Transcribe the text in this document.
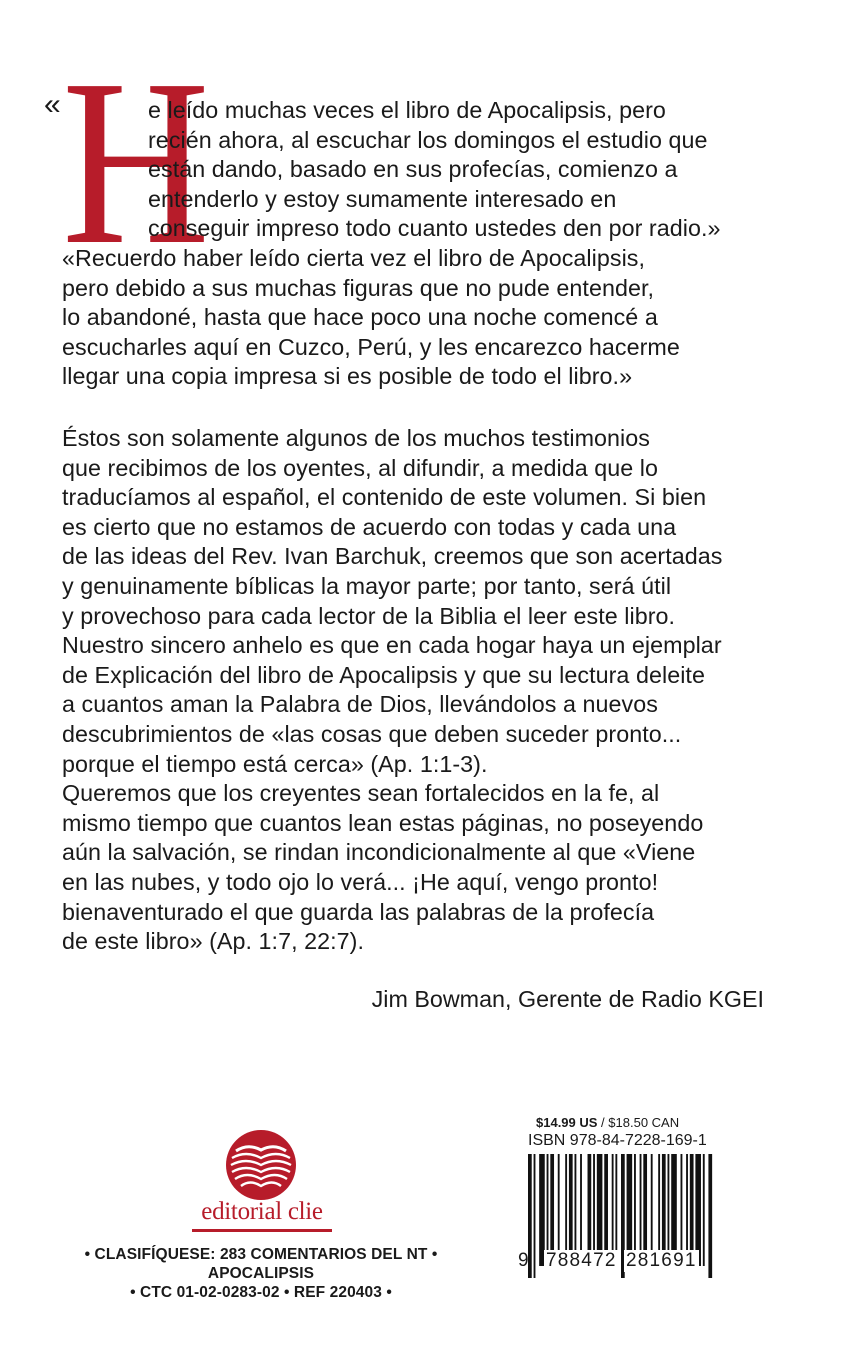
« H
e leído muchas veces el libro de Apocalipsis, pero
recién ahora, al escuchar los domingos el estudio que
están dando, basado en sus profecías, comienzo a
entenderlo y estoy sumamente interesado en
conseguir impreso todo cuanto ustedes den por radio.»
«Recuerdo haber leído cierta vez el libro de Apocalipsis,
pero debido a sus muchas figuras que no pude entender,
lo abandoné, hasta que hace poco una noche comencé a
escucharles aquí en Cuzco, Perú, y les encarezco hacerme
llegar una copia impresa si es posible de todo el libro.»
Éstos son solamente algunos de los muchos testimonios
que recibimos de los oyentes, al difundir, a medida que lo
traducíamos al español, el contenido de este volumen. Si bien
es cierto que no estamos de acuerdo con todas y cada una
de las ideas del Rev. Ivan Barchuk, creemos que son acertadas
y genuinamente bíblicas la mayor parte; por tanto, será útil
y provechoso para cada lector de la Biblia el leer este libro.
Nuestro sincero anhelo es que en cada hogar haya un ejemplar
de Explicación del libro de Apocalipsis y que su lectura deleite
a cuantos aman la Palabra de Dios, llevándolos a nuevos
descubrimientos de «las cosas que deben suceder pronto...
porque el tiempo está cerca» (Ap. 1:1-3).
Queremos que los creyentes sean fortalecidos en la fe, al
mismo tiempo que cuantos lean estas páginas, no poseyendo
aún la salvación, se rindan incondicionalmente al que «Viene
en las nubes, y todo ojo lo verá... ¡He aquí, vengo pronto!
bienaventurado el que guarda las palabras de la profecía
de este libro» (Ap. 1:7, 22:7).
Jim Bowman, Gerente de Radio KGEI
editorial clie
• CLASIFÍQUESE: 283 COMENTARIOS DEL NT •
APOCALIPSIS
• CTC 01-02-0283-02 • REF 220403 •
$14.99 US / $18.50 CAN
ISBN 978-84-7228-169-1
9 788472 281691
